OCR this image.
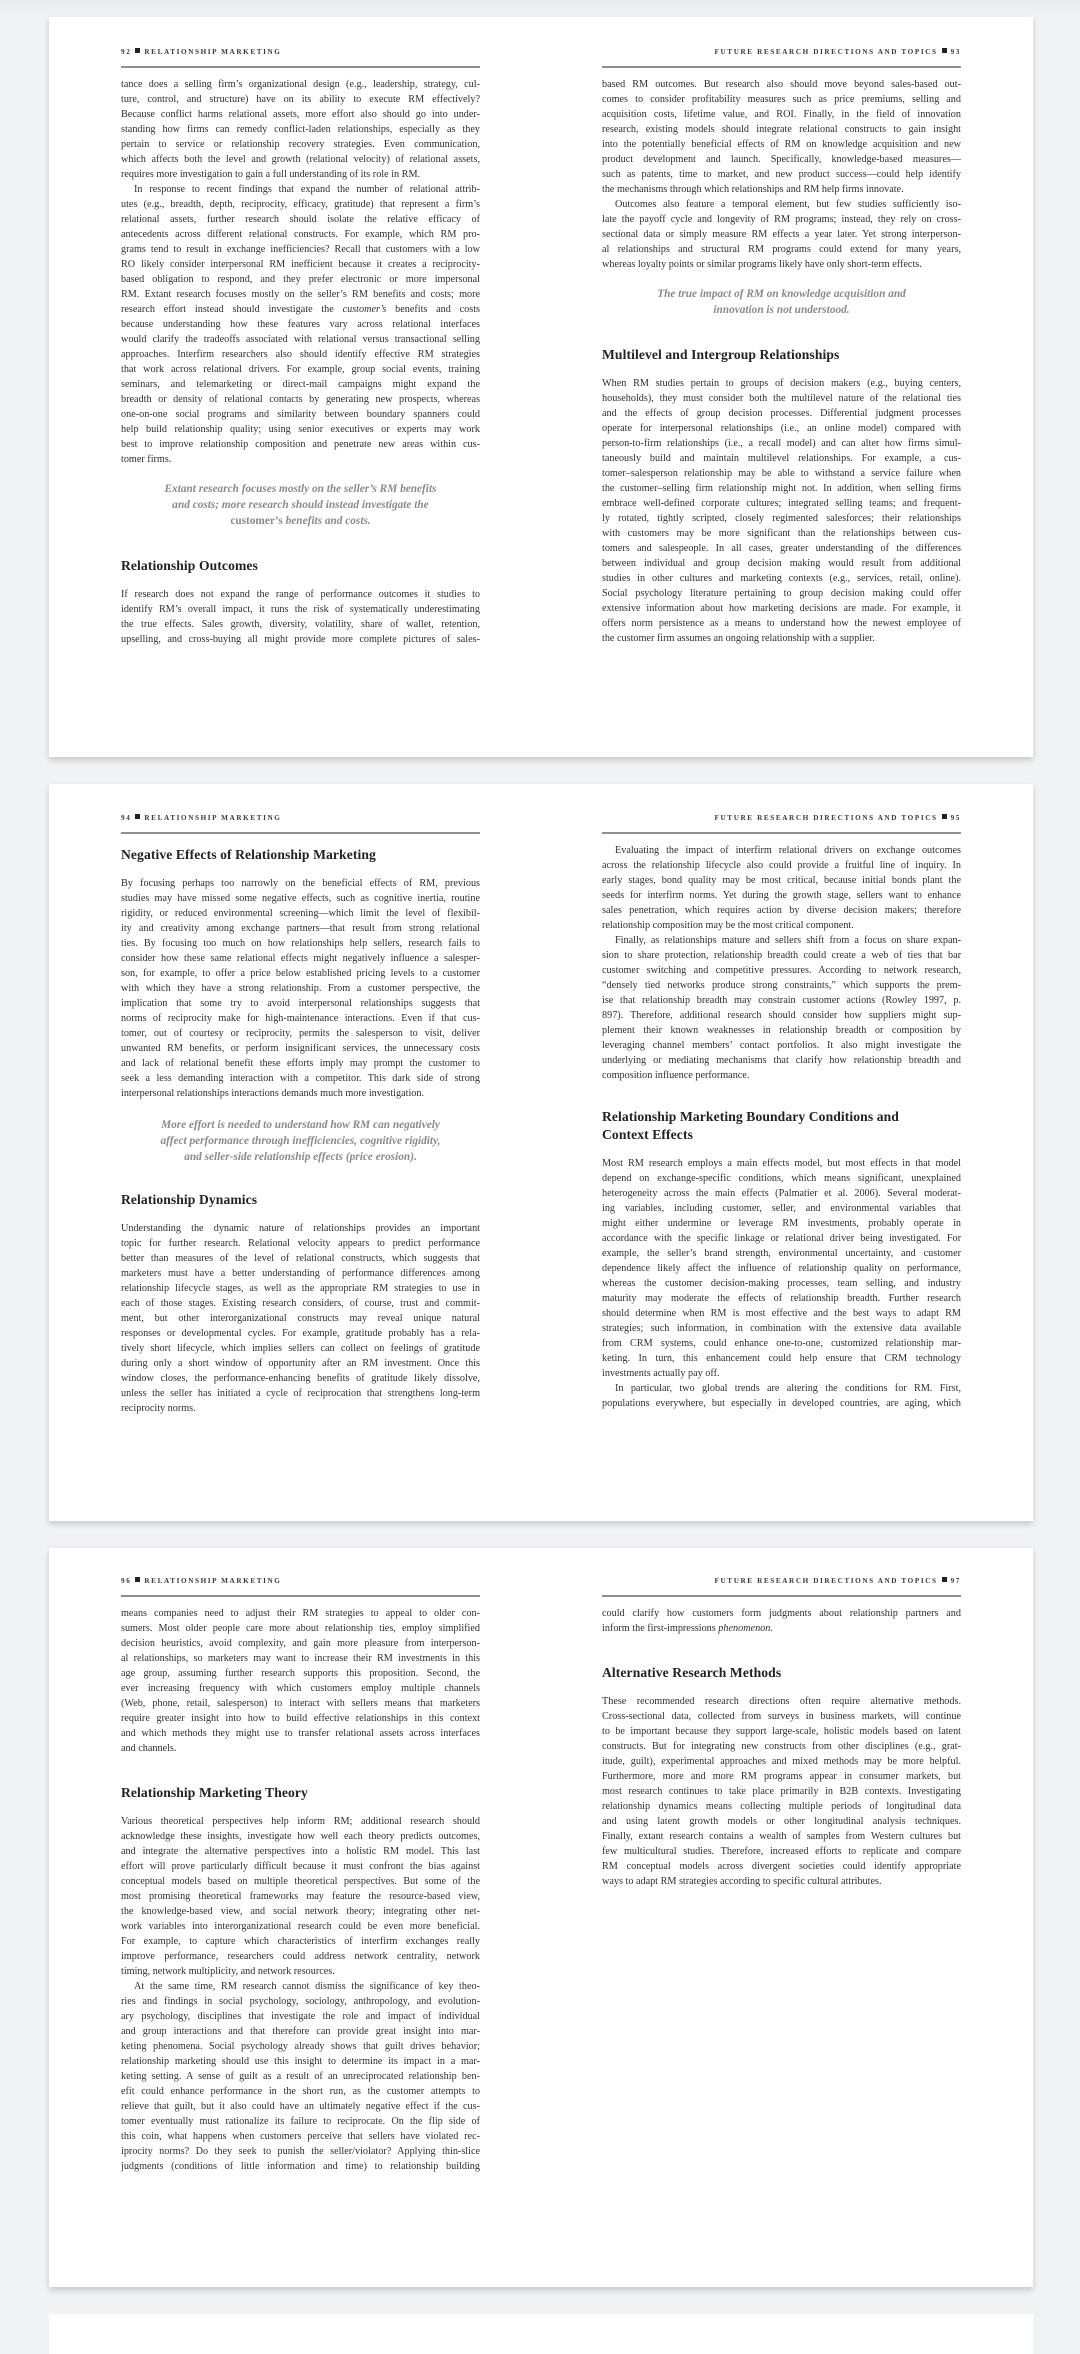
92 RELATIONSHIP MARKETING
tance does a selling firm’s organizational design (e.g., leadership, strategy, cul-
ture, control, and structure) have on its ability to execute RM effectively?
Because conflict harms relational assets, more effort also should go into under-
standing how firms can remedy conflict-laden relationships, especially as they
pertain to service or relationship recovery strategies. Even communication,
which affects both the level and growth (relational velocity) of relational assets,
requires more investigation to gain a full understanding of its role in RM.
In response to recent findings that expand the number of relational attrib-
utes (e.g., breadth, depth, reciprocity, efficacy, gratitude) that represent a firm’s
relational assets, further research should isolate the relative efficacy of
antecedents across different relational constructs. For example, which RM pro-
grams tend to result in exchange inefficiencies? Recall that customers with a low
RO likely consider interpersonal RM inefficient because it creates a reciprocity-
based obligation to respond, and they prefer electronic or more impersonal
RM. Extant research focuses mostly on the seller’s RM benefits and costs; more
research effort instead should investigate the customer’s benefits and costs
because understanding how these features vary across relational interfaces
would clarify the tradeoffs associated with relational versus transactional selling
approaches. Interfirm researchers also should identify effective RM strategies
that work across relational drivers. For example, group social events, training
seminars, and telemarketing or direct-mail campaigns might expand the
breadth or density of relational contacts by generating new prospects, whereas
one-on-one social programs and similarity between boundary spanners could
help build relationship quality; using senior executives or experts may work
best to improve relationship composition and penetrate new areas within cus-
tomer firms.
Extant research focuses mostly on the seller’s RM benefits
and costs; more research should instead investigate the
customer’s benefits and costs.
Relationship Outcomes
If research does not expand the range of performance outcomes it studies to
identify RM’s overall impact, it runs the risk of systematically underestimating
the true effects. Sales growth, diversity, volatility, share of wallet, retention,
upselling, and cross-buying all might provide more complete pictures of sales-
FUTURE RESEARCH DIRECTIONS AND TOPICS 93
based RM outcomes. But research also should move beyond sales-based out-
comes to consider profitability measures such as price premiums, selling and
acquisition costs, lifetime value, and ROI. Finally, in the field of innovation
research, existing models should integrate relational constructs to gain insight
into the potentially beneficial effects of RM on knowledge acquisition and new
product development and launch. Specifically, knowledge-based measures—
such as patents, time to market, and new product success—could help identify
the mechanisms through which relationships and RM help firms innovate.
Outcomes also feature a temporal element, but few studies sufficiently iso-
late the payoff cycle and longevity of RM programs; instead, they rely on cross-
sectional data or simply measure RM effects a year later. Yet strong interperson-
al relationships and structural RM programs could extend for many years,
whereas loyalty points or similar programs likely have only short-term effects.
The true impact of RM on knowledge acquisition and
innovation is not understood.
Multilevel and Intergroup Relationships
When RM studies pertain to groups of decision makers (e.g., buying centers,
households), they must consider both the multilevel nature of the relational ties
and the effects of group decision processes. Differential judgment processes
operate for interpersonal relationships (i.e., an online model) compared with
person-to-firm relationships (i.e., a recall model) and can alter how firms simul-
taneously build and maintain multilevel relationships. For example, a cus-
tomer–salesperson relationship may be able to withstand a service failure when
the customer–selling firm relationship might not. In addition, when selling firms
embrace well-defined corporate cultures; integrated selling teams; and frequent-
ly rotated, tightly scripted, closely regimented salesforces; their relationships
with customers may be more significant than the relationships between cus-
tomers and salespeople. In all cases, greater understanding of the differences
between individual and group decision making would result from additional
studies in other cultures and marketing contexts (e.g., services, retail, online).
Social psychology literature pertaining to group decision making could offer
extensive information about how marketing decisions are made. For example, it
offers norm persistence as a means to understand how the newest employee of
the customer firm assumes an ongoing relationship with a supplier.
94 RELATIONSHIP MARKETING
Negative Effects of Relationship Marketing
By focusing perhaps too narrowly on the beneficial effects of RM, previous
studies may have missed some negative effects, such as cognitive inertia, routine
rigidity, or reduced environmental screening—which limit the level of flexibil-
ity and creativity among exchange partners—that result from strong relational
ties. By focusing too much on how relationships help sellers, research fails to
consider how these same relational effects might negatively influence a salesper-
son, for example, to offer a price below established pricing levels to a customer
with which they have a strong relationship. From a customer perspective, the
implication that some try to avoid interpersonal relationships suggests that
norms of reciprocity make for high-maintenance interactions. Even if that cus-
tomer, out of courtesy or reciprocity, permits the salesperson to visit, deliver
unwanted RM benefits, or perform insignificant services, the unnecessary costs
and lack of relational benefit these efforts imply may prompt the customer to
seek a less demanding interaction with a competitor. This dark side of strong
interpersonal relationships interactions demands much more investigation.
More effort is needed to understand how RM can negatively
affect performance through inefficiencies, cognitive rigidity,
and seller-side relationship effects (price erosion).
Relationship Dynamics
Understanding the dynamic nature of relationships provides an important
topic for further research. Relational velocity appears to predict performance
better than measures of the level of relational constructs, which suggests that
marketers must have a better understanding of performance differences among
relationship lifecycle stages, as well as the appropriate RM strategies to use in
each of those stages. Existing research considers, of course, trust and commit-
ment, but other interorganizational constructs may reveal unique natural
responses or developmental cycles. For example, gratitude probably has a rela-
tively short lifecycle, which implies sellers can collect on feelings of gratitude
during only a short window of opportunity after an RM investment. Once this
window closes, the performance-enhancing benefits of gratitude likely dissolve,
unless the seller has initiated a cycle of reciprocation that strengthens long-term
reciprocity norms.
FUTURE RESEARCH DIRECTIONS AND TOPICS 95
Evaluating the impact of interfirm relational drivers on exchange outcomes
across the relationship lifecycle also could provide a fruitful line of inquiry. In
early stages, bond quality may be most critical, because initial bonds plant the
seeds for interfirm norms. Yet during the growth stage, sellers want to enhance
sales penetration, which requires action by diverse decision makers; therefore
relationship composition may be the most critical component.
Finally, as relationships mature and sellers shift from a focus on share expan-
sion to share protection, relationship breadth could create a web of ties that bar
customer switching and competitive pressures. According to network research,
“densely tied networks produce strong constraints,” which supports the prem-
ise that relationship breadth may constrain customer actions (Rowley 1997, p.
897). Therefore, additional research should consider how suppliers might sup-
plement their known weaknesses in relationship breadth or composition by
leveraging channel members’ contact portfolios. It also might investigate the
underlying or mediating mechanisms that clarify how relationship breadth and
composition influence performance.
Relationship Marketing Boundary Conditions and
Context Effects
Most RM research employs a main effects model, but most effects in that model
depend on exchange-specific conditions, which means significant, unexplained
heterogeneity across the main effects (Palmatier et al. 2006). Several moderat-
ing variables, including customer, seller, and environmental variables that
might either undermine or leverage RM investments, probably operate in
accordance with the specific linkage or relational driver being investigated. For
example, the seller’s brand strength, environmental uncertainty, and customer
dependence likely affect the influence of relationship quality on performance,
whereas the customer decision-making processes, team selling, and industry
maturity may moderate the effects of relationship breadth. Further research
should determine when RM is most effective and the best ways to adapt RM
strategies; such information, in combination with the extensive data available
from CRM systems, could enhance one-to-one, customized relationship mar-
keting. In turn, this enhancement could help ensure that CRM technology
investments actually pay off.
In particular, two global trends are altering the conditions for RM. First,
populations everywhere, but especially in developed countries, are aging, which
96 RELATIONSHIP MARKETING
means companies need to adjust their RM strategies to appeal to older con-
sumers. Most older people care more about relationship ties, employ simplified
decision heuristics, avoid complexity, and gain more pleasure from interperson-
al relationships, so marketers may want to increase their RM investments in this
age group, assuming further research supports this proposition. Second, the
ever increasing frequency with which customers employ multiple channels
(Web, phone, retail, salesperson) to interact with sellers means that marketers
require greater insight into how to build effective relationships in this context
and which methods they might use to transfer relational assets across interfaces
and channels.
Relationship Marketing Theory
Various theoretical perspectives help inform RM; additional research should
acknowledge these insights, investigate how well each theory predicts outcomes,
and integrate the alternative perspectives into a holistic RM model. This last
effort will prove particularly difficult because it must confront the bias against
conceptual models based on multiple theoretical perspectives. But some of the
most promising theoretical frameworks may feature the resource-based view,
the knowledge-based view, and social network theory; integrating other net-
work variables into interorganizational research could be even more beneficial.
For example, to capture which characteristics of interfirm exchanges really
improve performance, researchers could address network centrality, network
timing, network multiplicity, and network resources.
At the same time, RM research cannot dismiss the significance of key theo-
ries and findings in social psychology, sociology, anthropology, and evolution-
ary psychology, disciplines that investigate the role and impact of individual
and group interactions and that therefore can provide great insight into mar-
keting phenomena. Social psychology already shows that guilt drives behavior;
relationship marketing should use this insight to determine its impact in a mar-
keting setting. A sense of guilt as a result of an unreciprocated relationship ben-
efit could enhance performance in the short run, as the customer attempts to
relieve that guilt, but it also could have an ultimately negative effect if the cus-
tomer eventually must rationalize its failure to reciprocate. On the flip side of
this coin, what happens when customers perceive that sellers have violated rec-
iprocity norms? Do they seek to punish the seller/violator? Applying thin-slice
judgments (conditions of little information and time) to relationship building
FUTURE RESEARCH DIRECTIONS AND TOPICS 97
could clarify how customers form judgments about relationship partners and
inform the first-impressions phenomenon.
Alternative Research Methods
These recommended research directions often require alternative methods.
Cross-sectional data, collected from surveys in business markets, will continue
to be important because they support large-scale, holistic models based on latent
constructs. But for integrating new constructs from other disciplines (e.g., grat-
itude, guilt), experimental approaches and mixed methods may be more helpful.
Furthermore, more and more RM programs appear in consumer markets, but
most research continues to take place primarily in B2B contexts. Investigating
relationship dynamics means collecting multiple periods of longitudinal data
and using latent growth models or other longitudinal analysis techniques.
Finally, extant research contains a wealth of samples from Western cultures but
few multicultural studies. Therefore, increased efforts to replicate and compare
RM conceptual models across divergent societies could identify appropriate
ways to adapt RM strategies according to specific cultural attributes.
